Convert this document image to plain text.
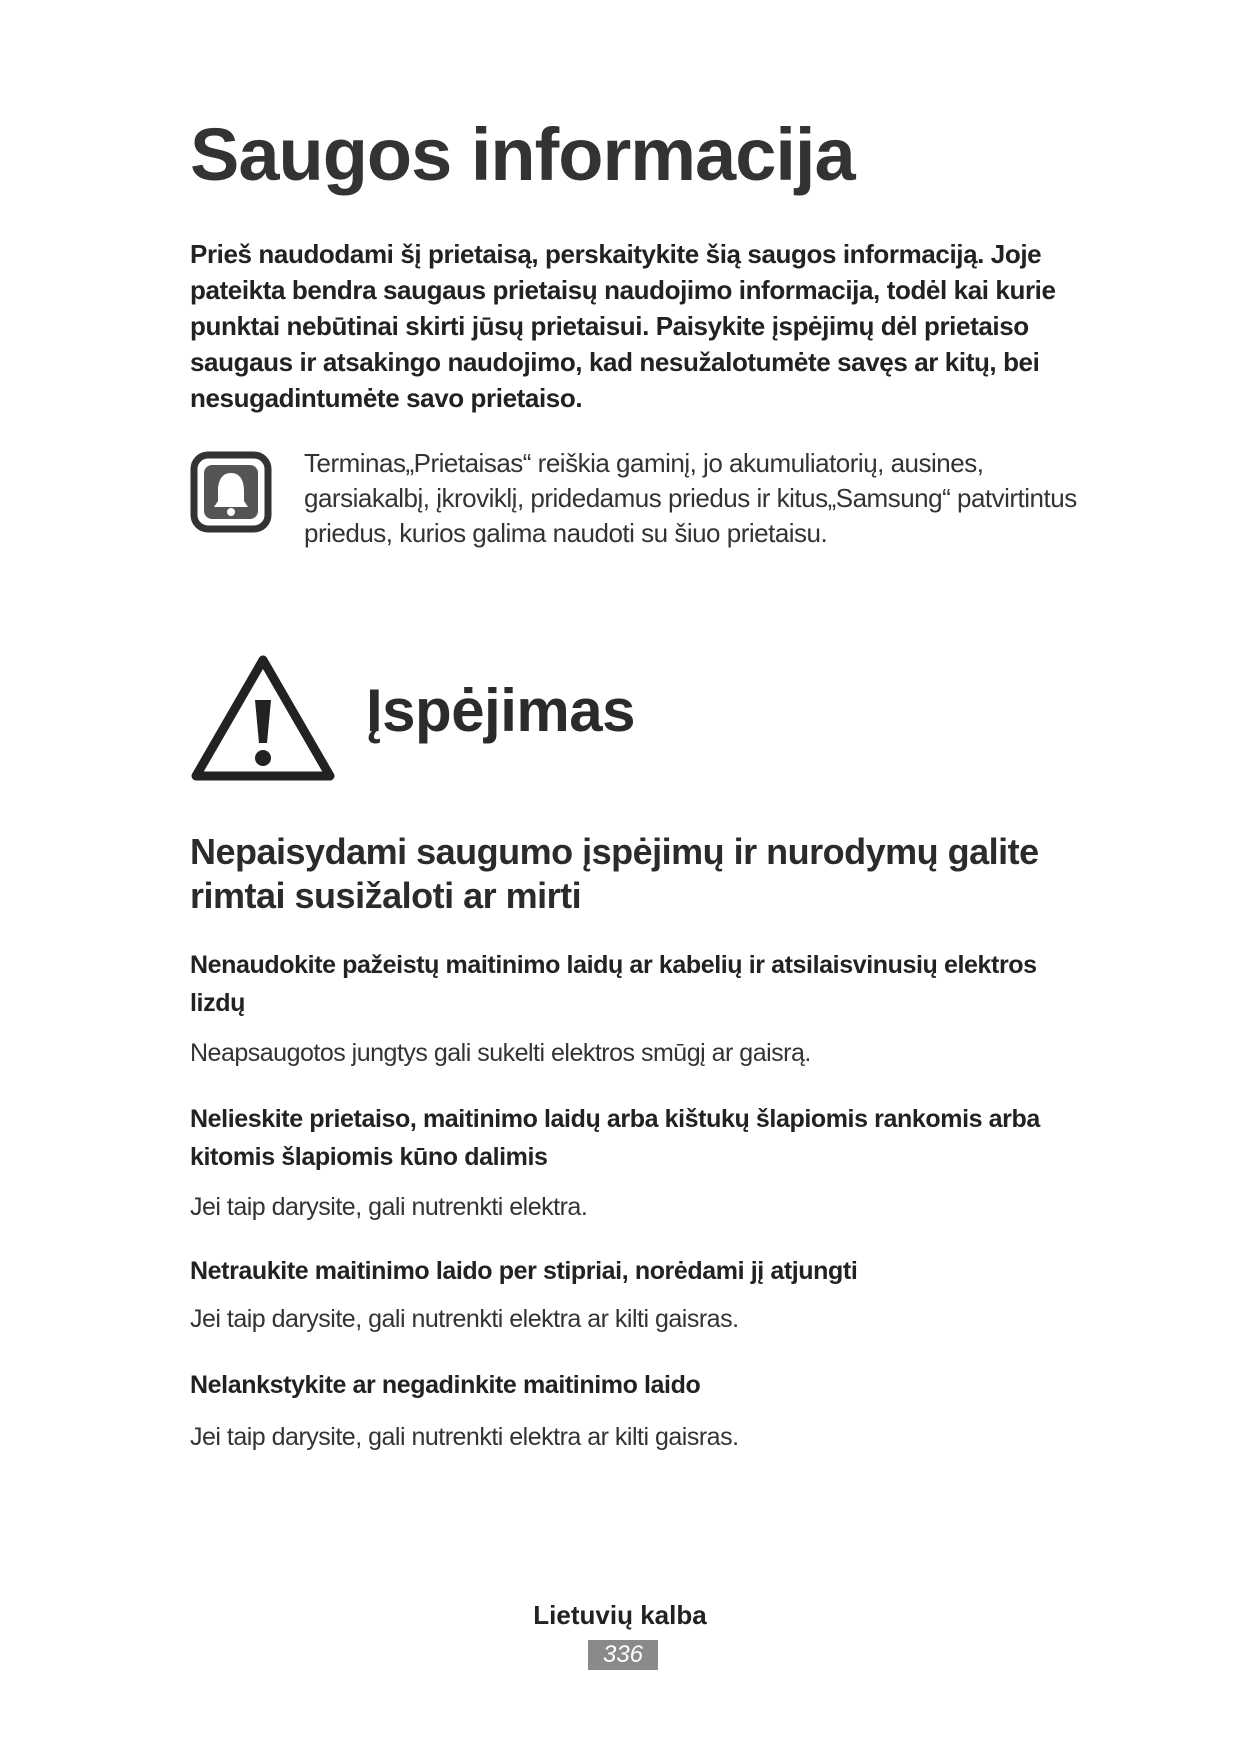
Saugos informacija

Prieš naudodami šį prietaisą, perskaitykite šią saugos informaciją. Joje pateikta bendra saugaus prietaisų naudojimo informacija, todėl kai kurie punktai nebūtinai skirti jūsų prietaisui. Paisykite įspėjimų dėl prietaiso saugaus ir atsakingo naudojimo, kad nesužalotumėte savęs ar kitų, bei nesugadintumėte savo prietaiso.

Terminas„Prietaisas“ reiškia gaminį, jo akumuliatorių, ausines, garsiakalbį, įkroviklį, pridedamus priedus ir kitus„Samsung“ patvirtintus priedus, kurios galima naudoti su šiuo prietaisu.

Įspėjimas
Nepaisydami saugumo įspėjimų ir nurodymų galite rimtai susižaloti ar mirti

Nenaudokite pažeistų maitinimo laidų ar kabelių ir atsilaisvinusių elektros lizdų

Neapsaugotos jungtys gali sukelti elektros smūgį ar gaisrą.

Nelieskite prietaiso, maitinimo laidų arba kištukų šlapiomis rankomis arba kitomis šlapiomis kūno dalimis

Jei taip darysite, gali nutrenkti elektra.

Netraukite maitinimo laido per stipriai, norėdami jį atjungti

Jei taip darysite, gali nutrenkti elektra ar kilti gaisras.

Nelankstykite ar negadinkite maitinimo laido

Jei taip darysite, gali nutrenkti elektra ar kilti gaisras.

Lietuvių kalba

336
